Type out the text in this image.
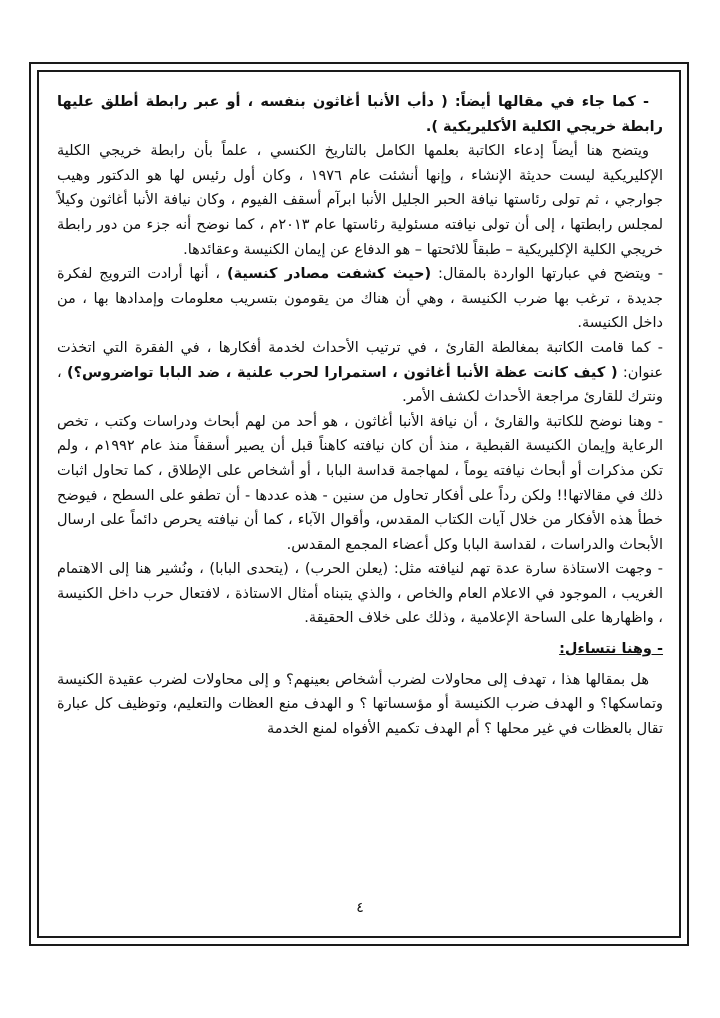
- كما جاء في مقالها أيضاً: ( دأب الأنبا أغاثون بنفسه ، أو عبر رابطة أطلق عليها رابطة خريجي الكلية الأكليريكية ).

ويتضح هنا أيضاً إدعاء الكاتبة بعلمها الكامل بالتاريخ الكنسي ، علماً بأن رابطة خريجي الكلية الإكليريكية ليست حديثة الإنشاء ، وإنها أنشئت عام ١٩٧٦ ، وكان أول رئيس لها هو الدكتور وهيب جوارجي ، ثم تولى رئاستها نيافة الحبر الجليل الأنبا ابرآم أسقف الفيوم ، وكان نيافة الأنبا أغاثون وكيلاً لمجلس رابطتها ، إلى أن تولى نيافته مسئولية رئاستها عام ٢٠١٣م ، كما نوضح أنه جزء من دور رابطة خريجي الكلية الإكليريكية – طبقاً للائحتها – هو الدفاع عن إيمان الكنيسة وعقائدها.

- ويتضح في عبارتها الواردة بالمقال: (حيث كشفت مصادر كنسية) ، أنها أرادت الترويج لفكرة جديدة ، ترغب بها ضرب الكنيسة ، وهي أن هناك من يقومون بتسريب معلومات وإمدادها بها ، من داخل الكنيسة.

- كما قامت الكاتبة بمغالطة القارئ ، في ترتيب الأحداث لخدمة أفكارها ، في الفقرة التي اتخذت عنوان: ( كيف كانت عظة الأنبا أغاثون ، استمرارا لحرب علنية ، ضد البابا تواضروس؟) ، ونترك للقارئ مراجعة الأحداث لكشف الأمر.

- وهنا نوضح للكاتبة والقارئ ، أن نيافة الأنبا أغاثون ، هو أحد من لهم أبحاث ودراسات وكتب ، تخص الرعاية وإيمان الكنيسة القبطية ، منذ أن كان نيافته كاهناً قبل أن يصير أسقفاً منذ عام ١٩٩٢م ، ولم تكن مذكرات أو أبحاث نيافته يوماً ، لمهاجمة قداسة البابا ، أو أشخاص على الإطلاق ، كما تحاول اثبات ذلك في مقالاتها!! ولكن رداً على أفكار تحاول من سنين - هذه عددها - أن تطفو على السطح ، فيوضح خطأ هذه الأفكار من خلال آيات الكتاب المقدس، وأقوال الآباء ، كما أن نيافته يحرص دائماً على ارسال الأبحاث والدراسات ، لقداسة البابا وكل أعضاء المجمع المقدس.

- وجهت الاستاذة سارة عدة تهم لنيافته مثل: (يعلن الحرب) ، (يتحدى البابا) ، ونُشير هنا إلى الاهتمام الغريب ، الموجود في الاعلام العام والخاص ، والذي يتبناه أمثال الاستاذة ، لافتعال حرب داخل الكنيسة ، واظهارها على الساحة الإعلامية ، وذلك على خلاف الحقيقة.

- وهنا نتساءل:

هل بمقالها هذا ، تهدف إلى محاولات لضرب أشخاص بعينهم؟ و إلى محاولات لضرب عقيدة الكنيسة وتماسكها؟ و الهدف ضرب الكنيسة أو مؤسساتها ؟ و الهدف منع العظات والتعليم، وتوظيف كل عبارة تقال بالعظات في غير محلها ؟ أم الهدف تكميم الأفواه لمنع الخدمة

٤
